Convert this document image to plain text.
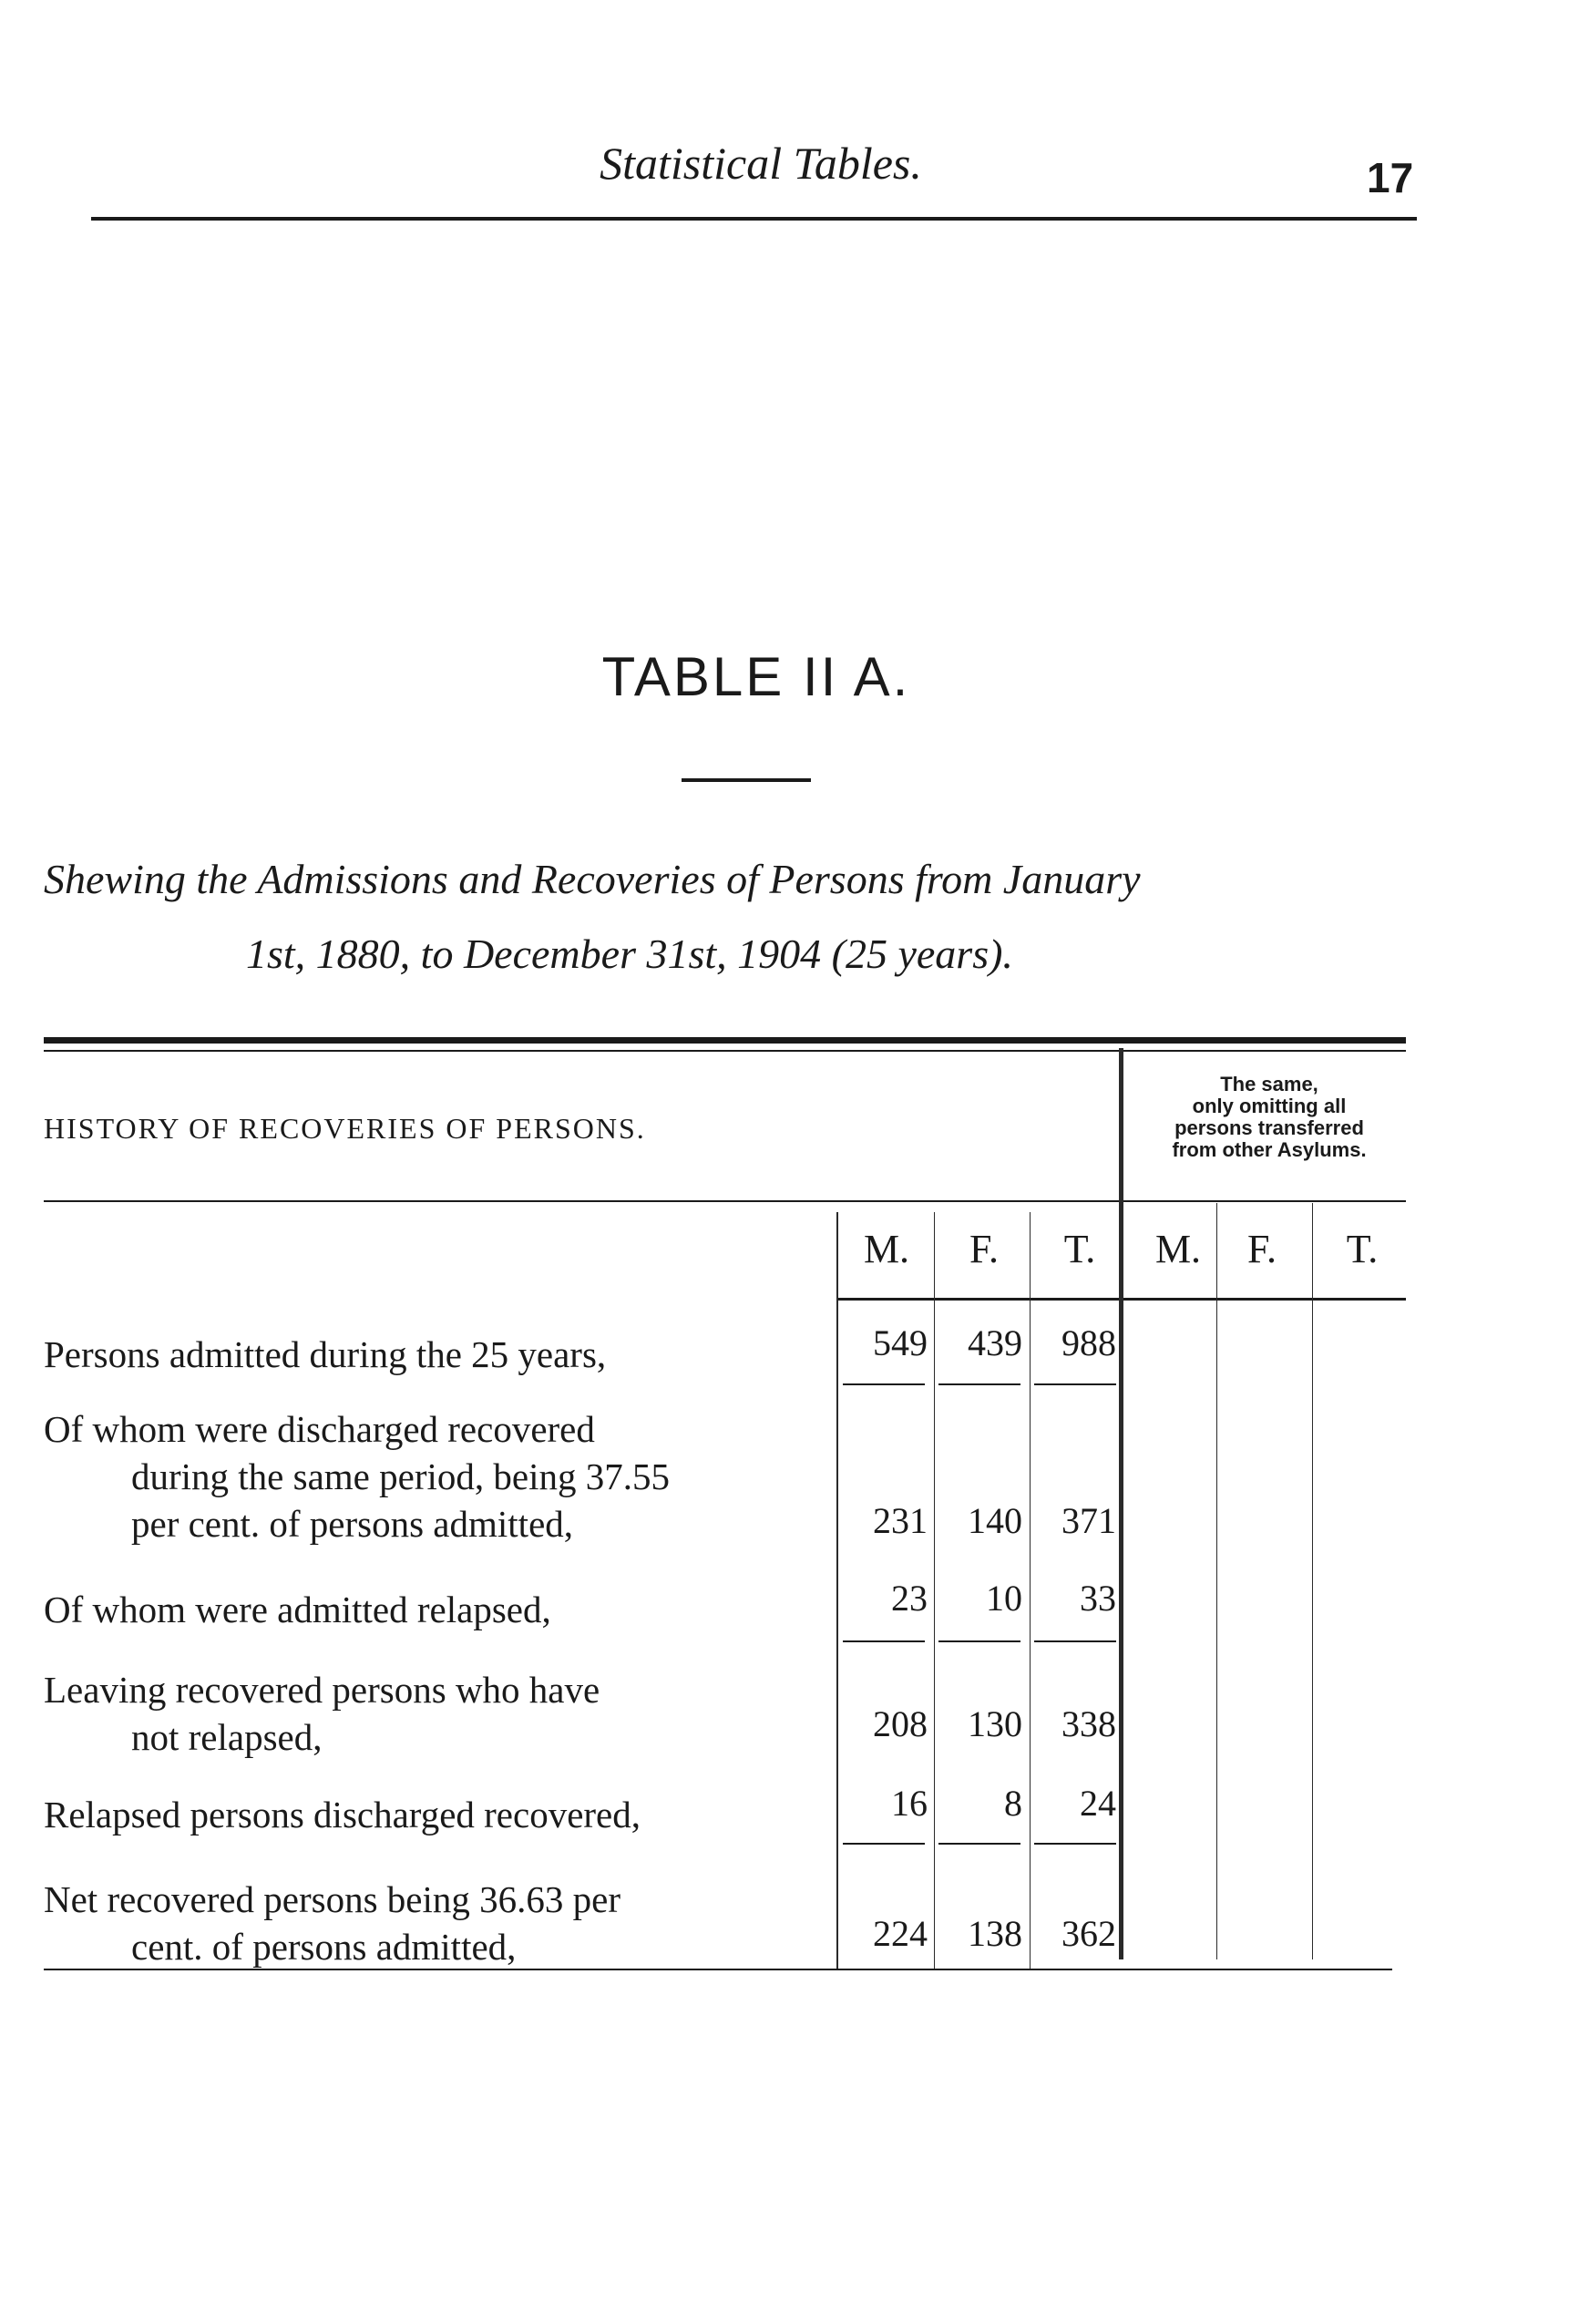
Statistical Tables.	17
TABLE II A.
Shewing the Admissions and Recoveries of Persons from January
1st, 1880, to December 31st, 1904 (25 years).
HISTORY OF RECOVERIES OF PERSONS.
The same,
only omitting all
persons transferred
from other Asylums.
M.	F.	T.	M.	F.	T.
Persons admitted during the 25 years,	549	439	988
Of whom were discharged recovered
during the same period, being 37.55
per cent. of persons admitted,	231	140	371
Of whom were admitted relapsed,	23	10	33
Leaving recovered persons who have
not relapsed,	208	130	338
Relapsed persons discharged recovered,	16	8	24
Net recovered persons being 36.63 per
cent. of persons admitted,	224	138	362
